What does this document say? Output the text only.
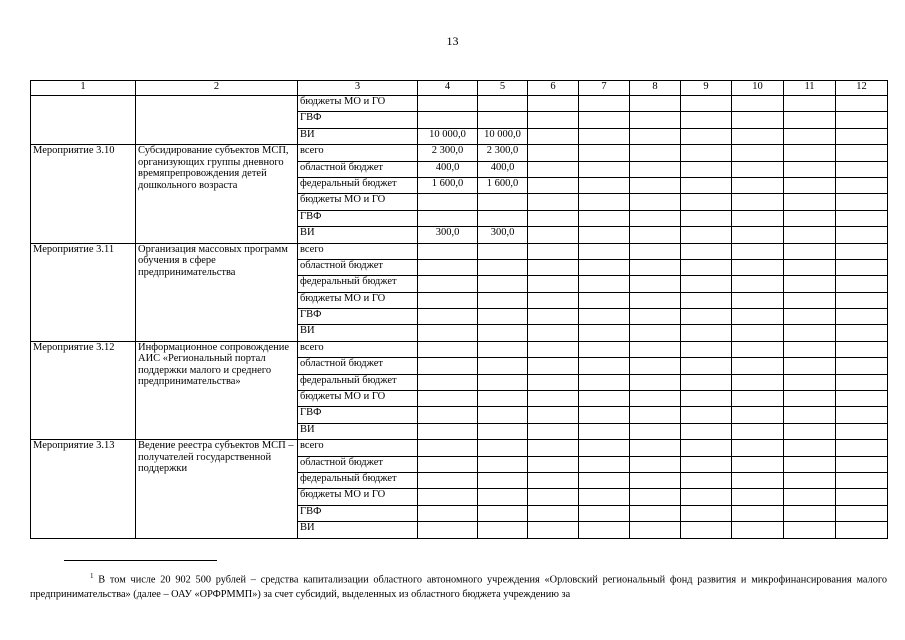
13
1	2	3	4	5	6	7	8	9	10	11	12
		бюджеты МО и ГО									
		ГВФ									
		ВИ	10 000,0	10 000,0							
Мероприятие 3.10	Субсидирование субъектов МСП, организующих группы дневного времяпрепровождения детей дошкольного возраста	всего	2 300,0	2 300,0							
		областной бюджет	400,0	400,0							
		федеральный бюджет	1 600,0	1 600,0							
		бюджеты МО и ГО									
		ГВФ									
		ВИ	300,0	300,0							
Мероприятие 3.11	Организация массовых программ обучения в сфере предпринимательства	всего									
		областной бюджет									
		федеральный бюджет									
		бюджеты МО и ГО									
		ГВФ									
		ВИ									
Мероприятие 3.12	Информационное сопровождение АИС «Региональный портал поддержки малого и среднего предпринимательства»	всего									
		областной бюджет									
		федеральный бюджет									
		бюджеты МО и ГО									
		ГВФ									
		ВИ									
Мероприятие 3.13	Ведение реестра субъектов МСП – получателей государственной поддержки	всего									
		областной бюджет									
		федеральный бюджет									
		бюджеты МО и ГО									
		ГВФ									
		ВИ									
$^1$ В том числе 20 902 500 рублей – средства капитализации областного автономного учреждения «Орловский региональный фонд развития и микрофинансирования малого предпринимательства» (далее – ОАУ «ОРФРММП») за счет субсидий, выделенных из областного бюджета учреждению за
